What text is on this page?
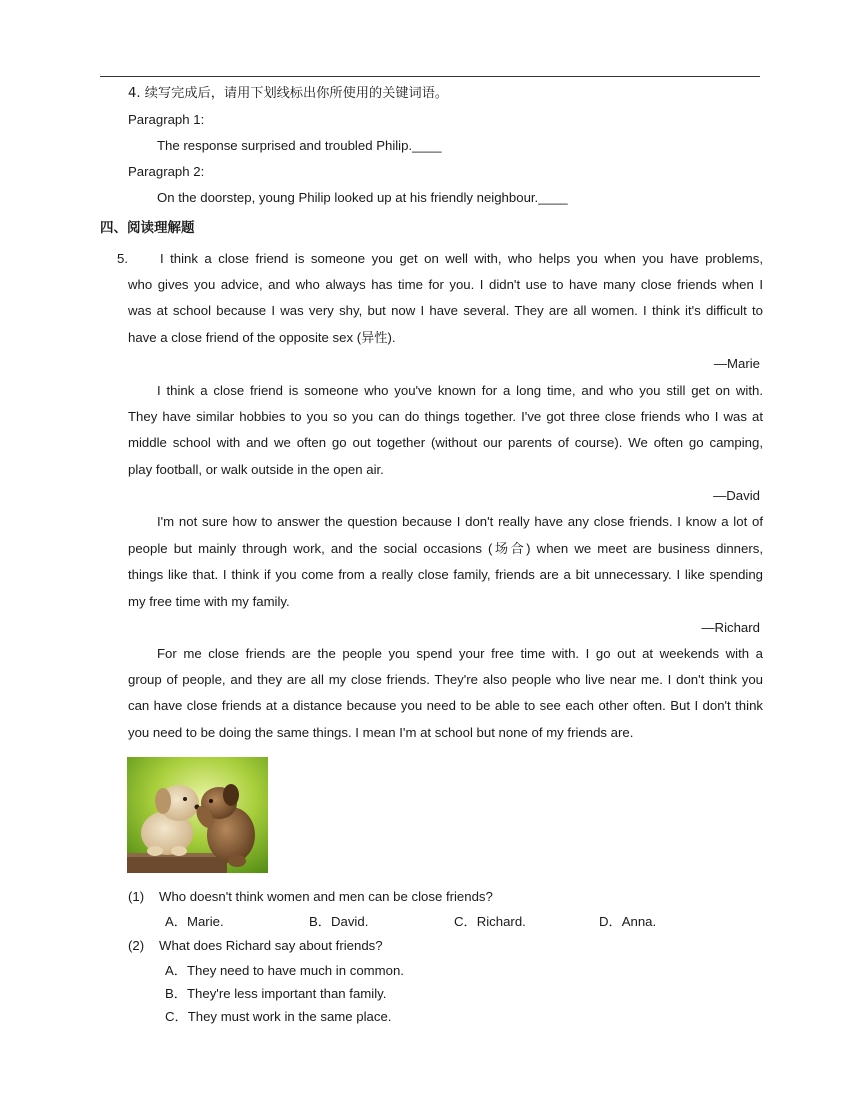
4. 续写完成后，请用下划线标出你所使用的关键词语。
Paragraph 1:
The response surprised and troubled Philip.____
Paragraph 2:
On the doorstep, young Philip looked up at his friendly neighbour.____
四、阅读理解题
5. I think a close friend is someone you get on well with, who helps you when you have problems,
who gives you advice, and who always has time for you. I didn't use to have many close friends when I
was at school because I was very shy, but now I have several. They are all women. I think it's difficult to
have a close friend of the opposite sex (异性).
—Marie
I think a close friend is someone who you've known for a long time, and who you still get on with.
They have similar hobbies to you so you can do things together. I've got three close friends who I was at
middle school with and we often go out together (without our parents of course). We often go camping,
play football, or walk outside in the open air.
—David
I'm not sure how to answer the question because I don't really have any close friends. I know a lot of
people but mainly through work, and the social occasions (场合) when we meet are business dinners,
things like that. I think if you come from a really close family, friends are a bit unnecessary. I like spending
my free time with my family.
—Richard
For me close friends are the people you spend your free time with. I go out at weekends with a
group of people, and they are all my close friends. They're also people who live near me. I don't think you
can have close friends at a distance because you need to be able to see each other often. But I don't think
you need to be doing the same things. I mean I'm at school but none of my friends are.
(1) Who doesn't think women and men can be close friends?
A．Marie.	B．David.	C．Richard.	D．Anna.
(2) What does Richard say about friends?
A．They need to have much in common.
B．They're less important than family.
C．They must work in the same place.
